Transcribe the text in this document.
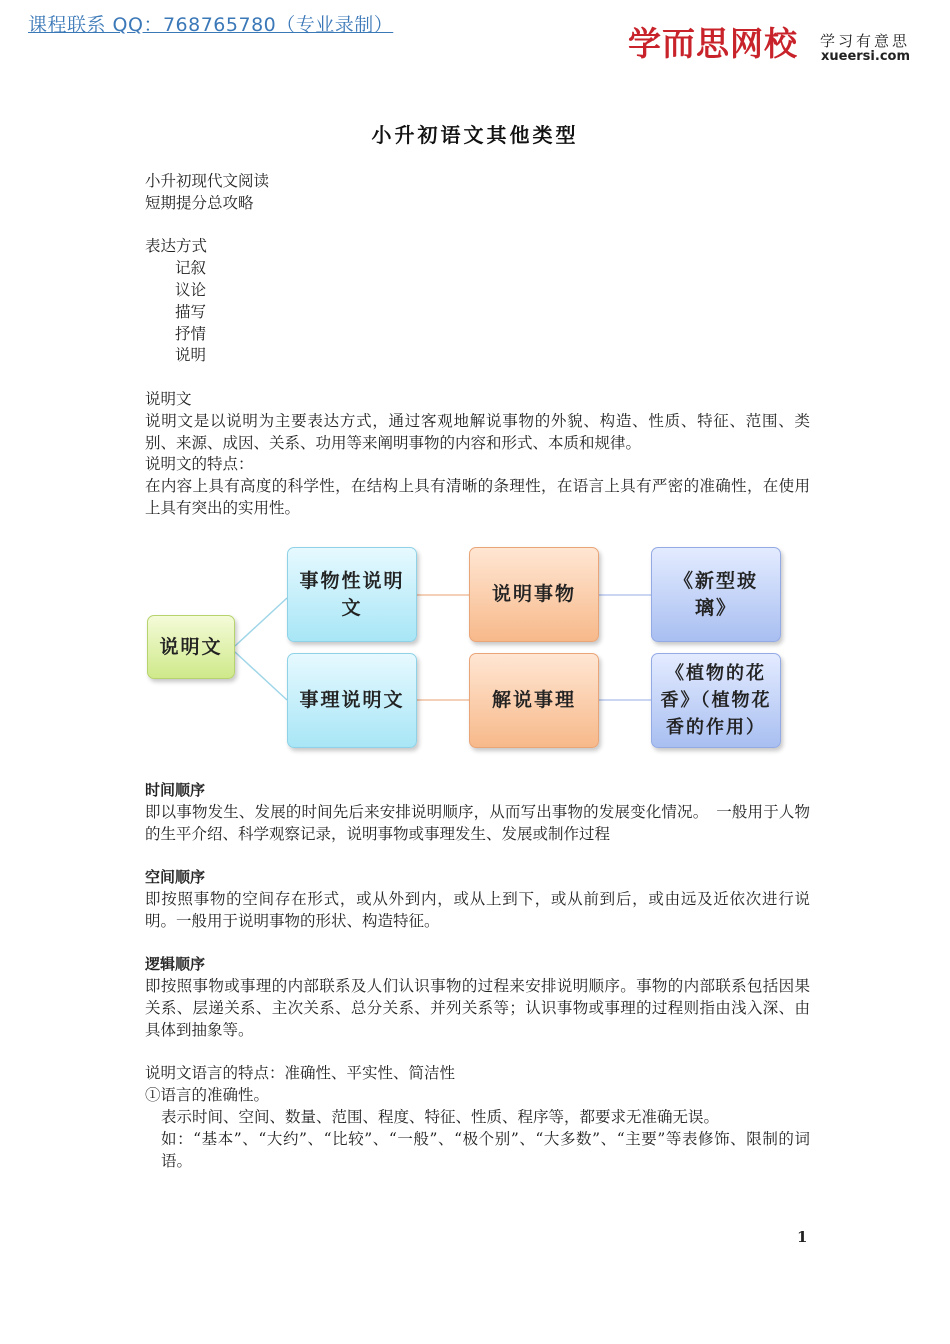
课程联系 QQ：768765780（专业录制）	学而思网校 学习有意思
xueersi.com
小升初语文其他类型

小升初现代文阅读

短期提分总攻略

表达方式

记叙

议论

描写

抒情

说明

说明文

说明文是以说明为主要表达方式，通过客观地解说事物的外貌、构造、性质、特征、范围、类别、来源、成因、关系、功用等来阐明事物的内容和形式、本质和规律。

说明文的特点：

在内容上具有高度的科学性，在结构上具有清晰的条理性，在语言上具有严密的准确性，在使用上具有突出的实用性。

说明文
事物性说明文
说明事物
《新型玻璃》
事理说明文	解说事理
《植物的花香》（植物花香的作用）

时间顺序

即以事物发生、发展的时间先后来安排说明顺序，从而写出事物的发展变化情况。　一般用于人物的生平介绍、科学观察记录，说明事物或事理发生、发展或制作过程

空间顺序

即按照事物的空间存在形式，或从外到内，或从上到下，或从前到后，或由远及近依次进行说明。一般用于说明事物的形状、构造特征。

逻辑顺序

即按照事物或事理的内部联系及人们认识事物的过程来安排说明顺序。事物的内部联系包括因果关系、层递关系、主次关系、总分关系、并列关系等；认识事物或事理的过程则指由浅入深、由具体到抽象等。

说明文语言的特点：准确性、平实性、简洁性

①语言的准确性。

表示时间、空间、数量、范围、程度、特征、性质、程序等，都要求无准确无误。

如：“基本”、“大约”、“比较”、“一般”、“极个别”、“大多数”、“主要”等表修饰、限制的词语。

1
